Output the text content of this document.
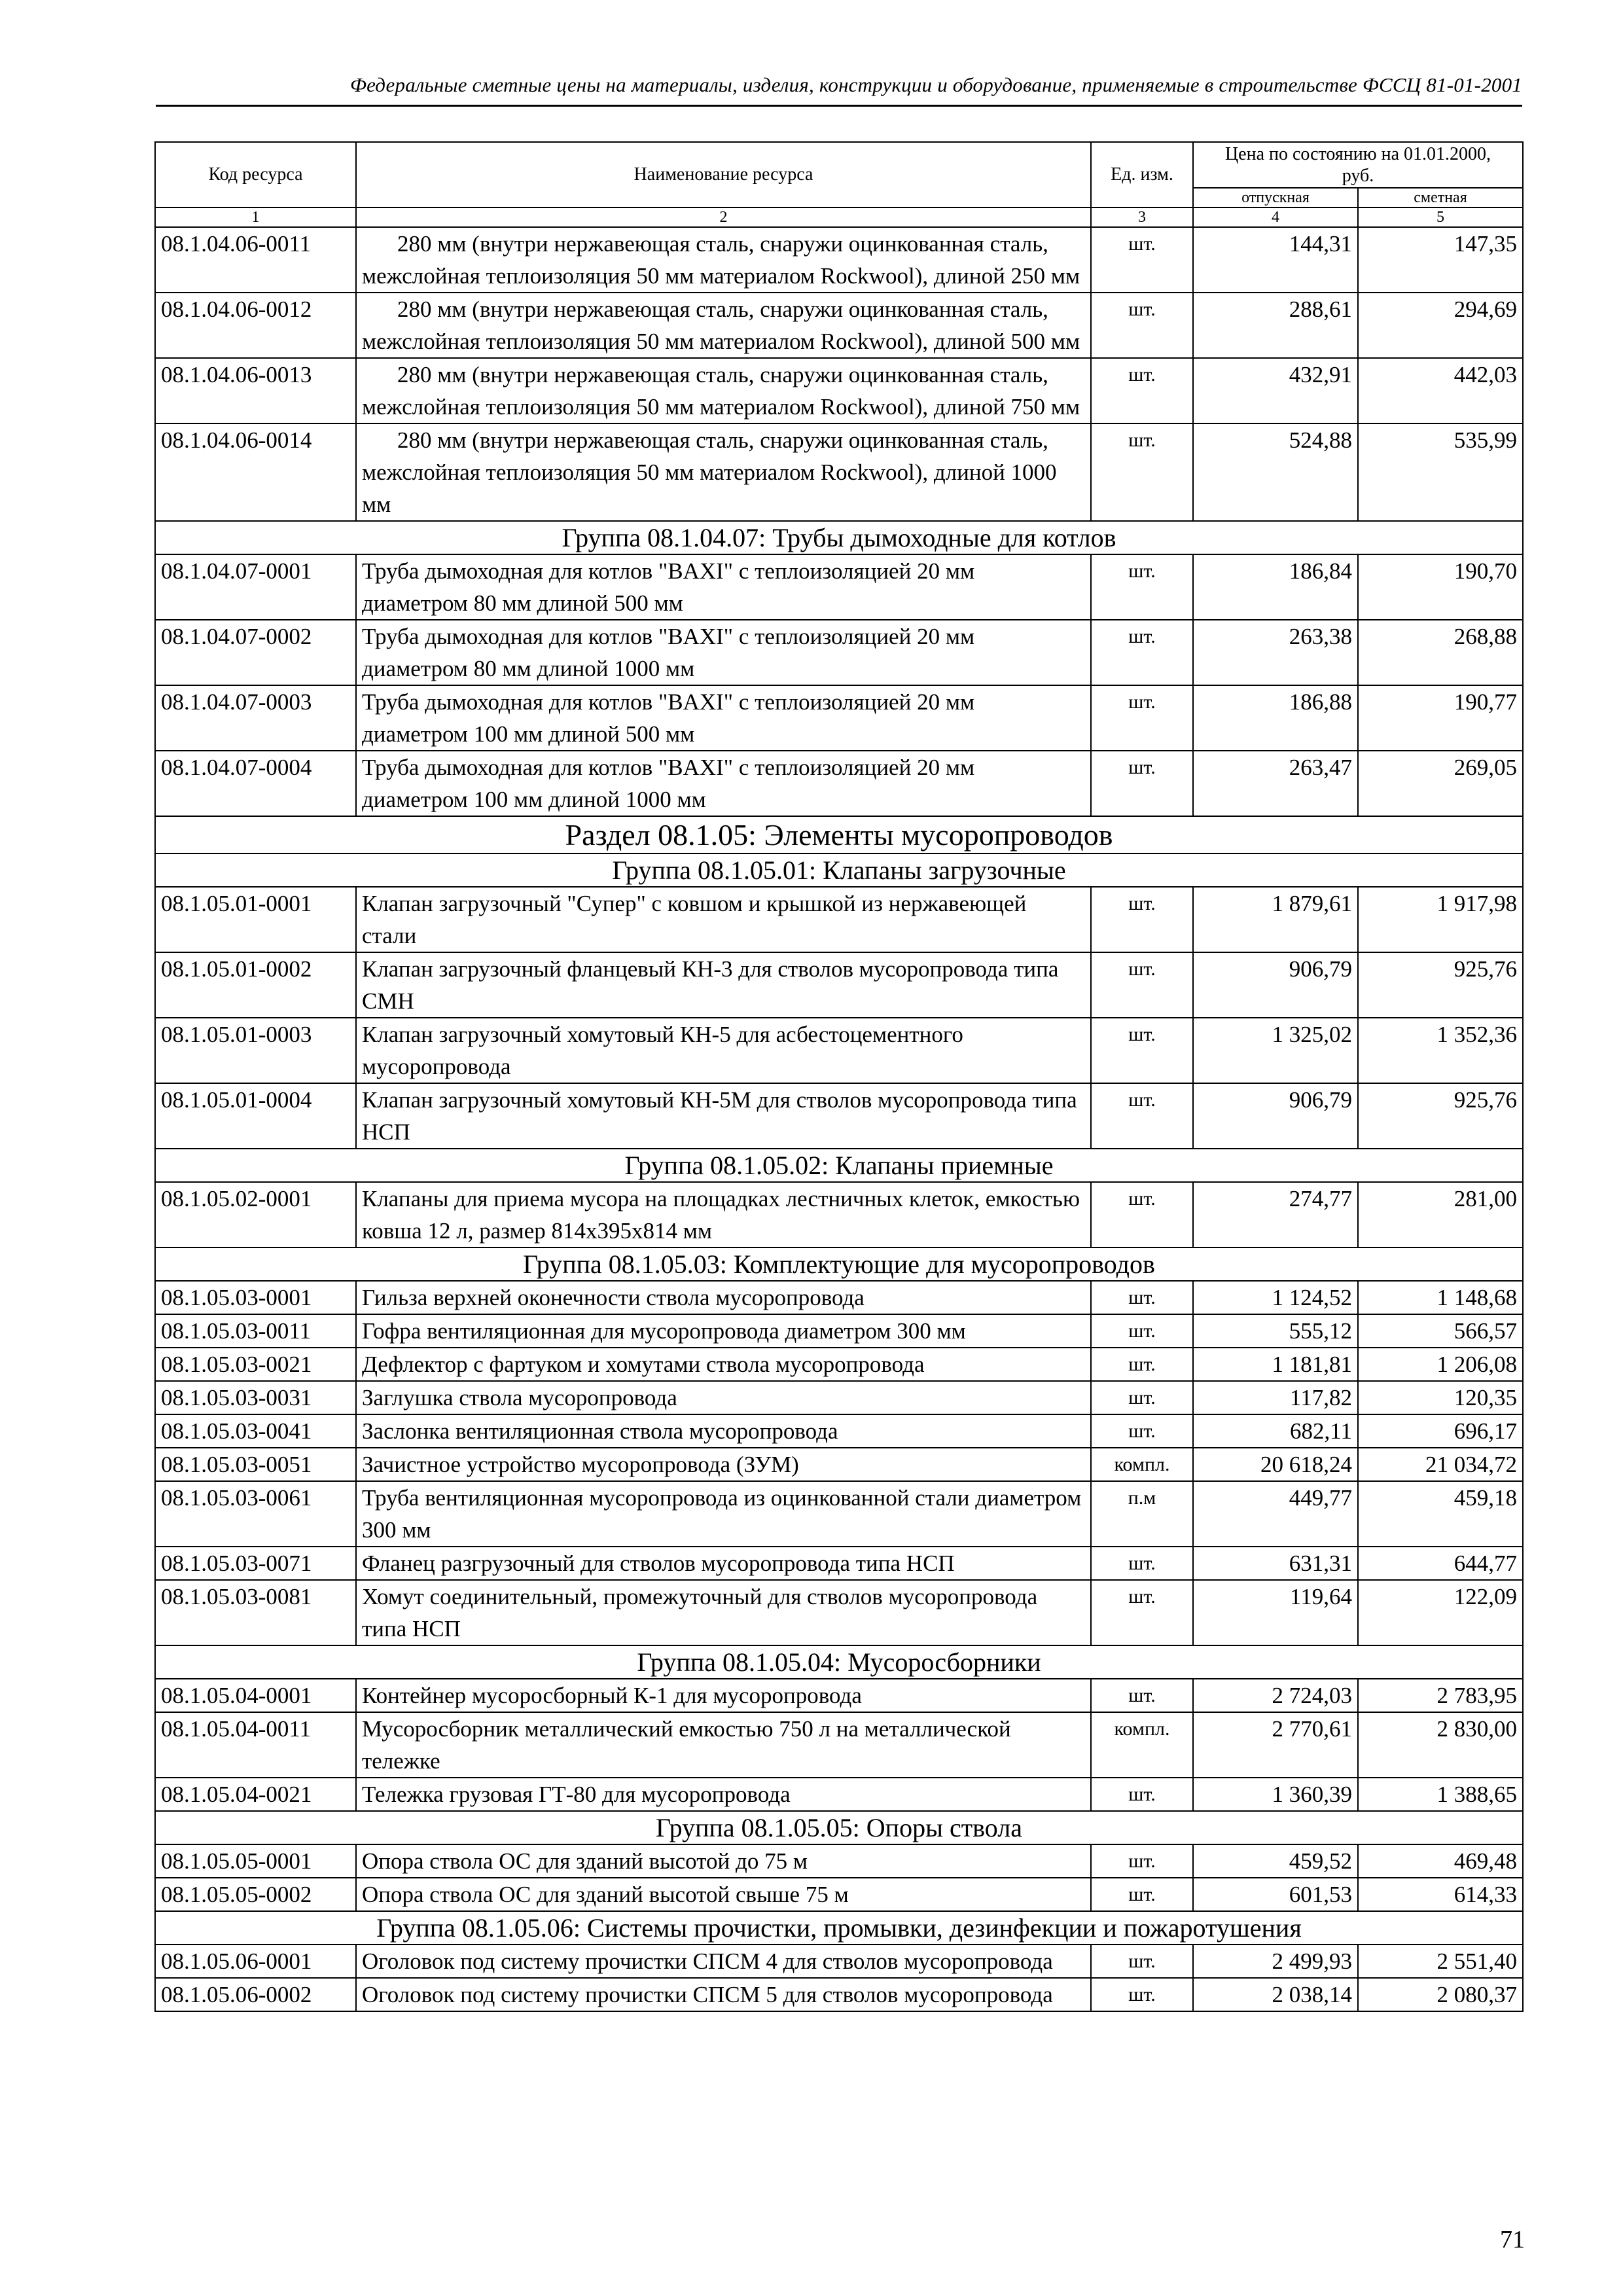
Федеральные сметные цены на материалы, изделия, конструкции и оборудование, применяемые в строительстве ФССЦ 81-01-2001
Код ресурса	Наименование ресурса	Ед. изм.	Цена по состоянию на 01.01.2000, руб.	
			отпускная	сметная
1	2	3	4	5
08.1.04.06-0011	280 мм (внутри нержавеющая сталь, снаружи оцинкованная сталь, межслойная теплоизоляция 50 мм материалом Rockwool), длиной 250 мм	шт.	144,31	147,35
08.1.04.06-0012	280 мм (внутри нержавеющая сталь, снаружи оцинкованная сталь, межслойная теплоизоляция 50 мм материалом Rockwool), длиной 500 мм	шт.	288,61	294,69
08.1.04.06-0013	280 мм (внутри нержавеющая сталь, снаружи оцинкованная сталь, межслойная теплоизоляция 50 мм материалом Rockwool), длиной 750 мм	шт.	432,91	442,03
08.1.04.06-0014	280 мм (внутри нержавеющая сталь, снаружи оцинкованная сталь, межслойная теплоизоляция 50 мм материалом Rockwool), длиной 1000 мм	шт.	524,88	535,99
Группа 08.1.04.07: Трубы дымоходные для котлов				
08.1.04.07-0001	Труба дымоходная для котлов "BAXI" с теплоизоляцией 20 мм диаметром 80 мм длиной 500 мм	шт.	186,84	190,70
08.1.04.07-0002	Труба дымоходная для котлов "BAXI" с теплоизоляцией 20 мм диаметром 80 мм длиной 1000 мм	шт.	263,38	268,88
08.1.04.07-0003	Труба дымоходная для котлов "BAXI" с теплоизоляцией 20 мм диаметром 100 мм длиной 500 мм	шт.	186,88	190,77
08.1.04.07-0004	Труба дымоходная для котлов "BAXI" с теплоизоляцией 20 мм диаметром 100 мм длиной 1000 мм	шт.	263,47	269,05
Раздел 08.1.05: Элементы мусоропроводов				
Группа 08.1.05.01: Клапаны загрузочные				
08.1.05.01-0001	Клапан загрузочный "Супер" с ковшом и крышкой из нержавеющей стали	шт.	1 879,61	1 917,98
08.1.05.01-0002	Клапан загрузочный фланцевый КН-3 для стволов мусоропровода типа СМН	шт.	906,79	925,76
08.1.05.01-0003	Клапан загрузочный хомутовый КН-5 для асбестоцементного мусоропровода	шт.	1 325,02	1 352,36
08.1.05.01-0004	Клапан загрузочный хомутовый КН-5М для стволов мусоропровода типа НСП	шт.	906,79	925,76
Группа 08.1.05.02: Клапаны приемные				
08.1.05.02-0001	Клапаны для приема мусора на площадках лестничных клеток, емкостью ковша 12 л, размер 814х395х814 мм	шт.	274,77	281,00
Группа 08.1.05.03: Комплектующие для мусоропроводов				
08.1.05.03-0001	Гильза верхней оконечности ствола мусоропровода	шт.	1 124,52	1 148,68
08.1.05.03-0011	Гофра вентиляционная для мусоропровода диаметром 300 мм	шт.	555,12	566,57
08.1.05.03-0021	Дефлектор с фартуком и хомутами ствола мусоропровода	шт.	1 181,81	1 206,08
08.1.05.03-0031	Заглушка ствола мусоропровода	шт.	117,82	120,35
08.1.05.03-0041	Заслонка вентиляционная ствола мусоропровода	шт.	682,11	696,17
08.1.05.03-0051	Зачистное устройство мусоропровода (ЗУМ)	компл.	20 618,24	21 034,72
08.1.05.03-0061	Труба вентиляционная мусоропровода из оцинкованной стали диаметром 300 мм	п.м	449,77	459,18
08.1.05.03-0071	Фланец разгрузочный для стволов мусоропровода типа НСП	шт.	631,31	644,77
08.1.05.03-0081	Хомут соединительный, промежуточный для стволов мусоропровода типа НСП	шт.	119,64	122,09
Группа 08.1.05.04: Мусоросборники				
08.1.05.04-0001	Контейнер мусоросборный К-1 для мусоропровода	шт.	2 724,03	2 783,95
08.1.05.04-0011	Мусоросборник металлический емкостью 750 л на металлической тележке	компл.	2 770,61	2 830,00
08.1.05.04-0021	Тележка грузовая ГТ-80 для мусоропровода	шт.	1 360,39	1 388,65
Группа 08.1.05.05: Опоры ствола				
08.1.05.05-0001	Опора ствола ОС для зданий высотой до 75 м	шт.	459,52	469,48
08.1.05.05-0002	Опора ствола ОС для зданий высотой свыше 75 м	шт.	601,53	614,33
Группа 08.1.05.06: Системы прочистки, промывки, дезинфекции и пожаротушения				
08.1.05.06-0001	Оголовок под систему прочистки СПСМ 4 для стволов мусоропровода	шт.	2 499,93	2 551,40
08.1.05.06-0002	Оголовок под систему прочистки СПСМ 5 для стволов мусоропровода	шт.	2 038,14	2 080,37
71
